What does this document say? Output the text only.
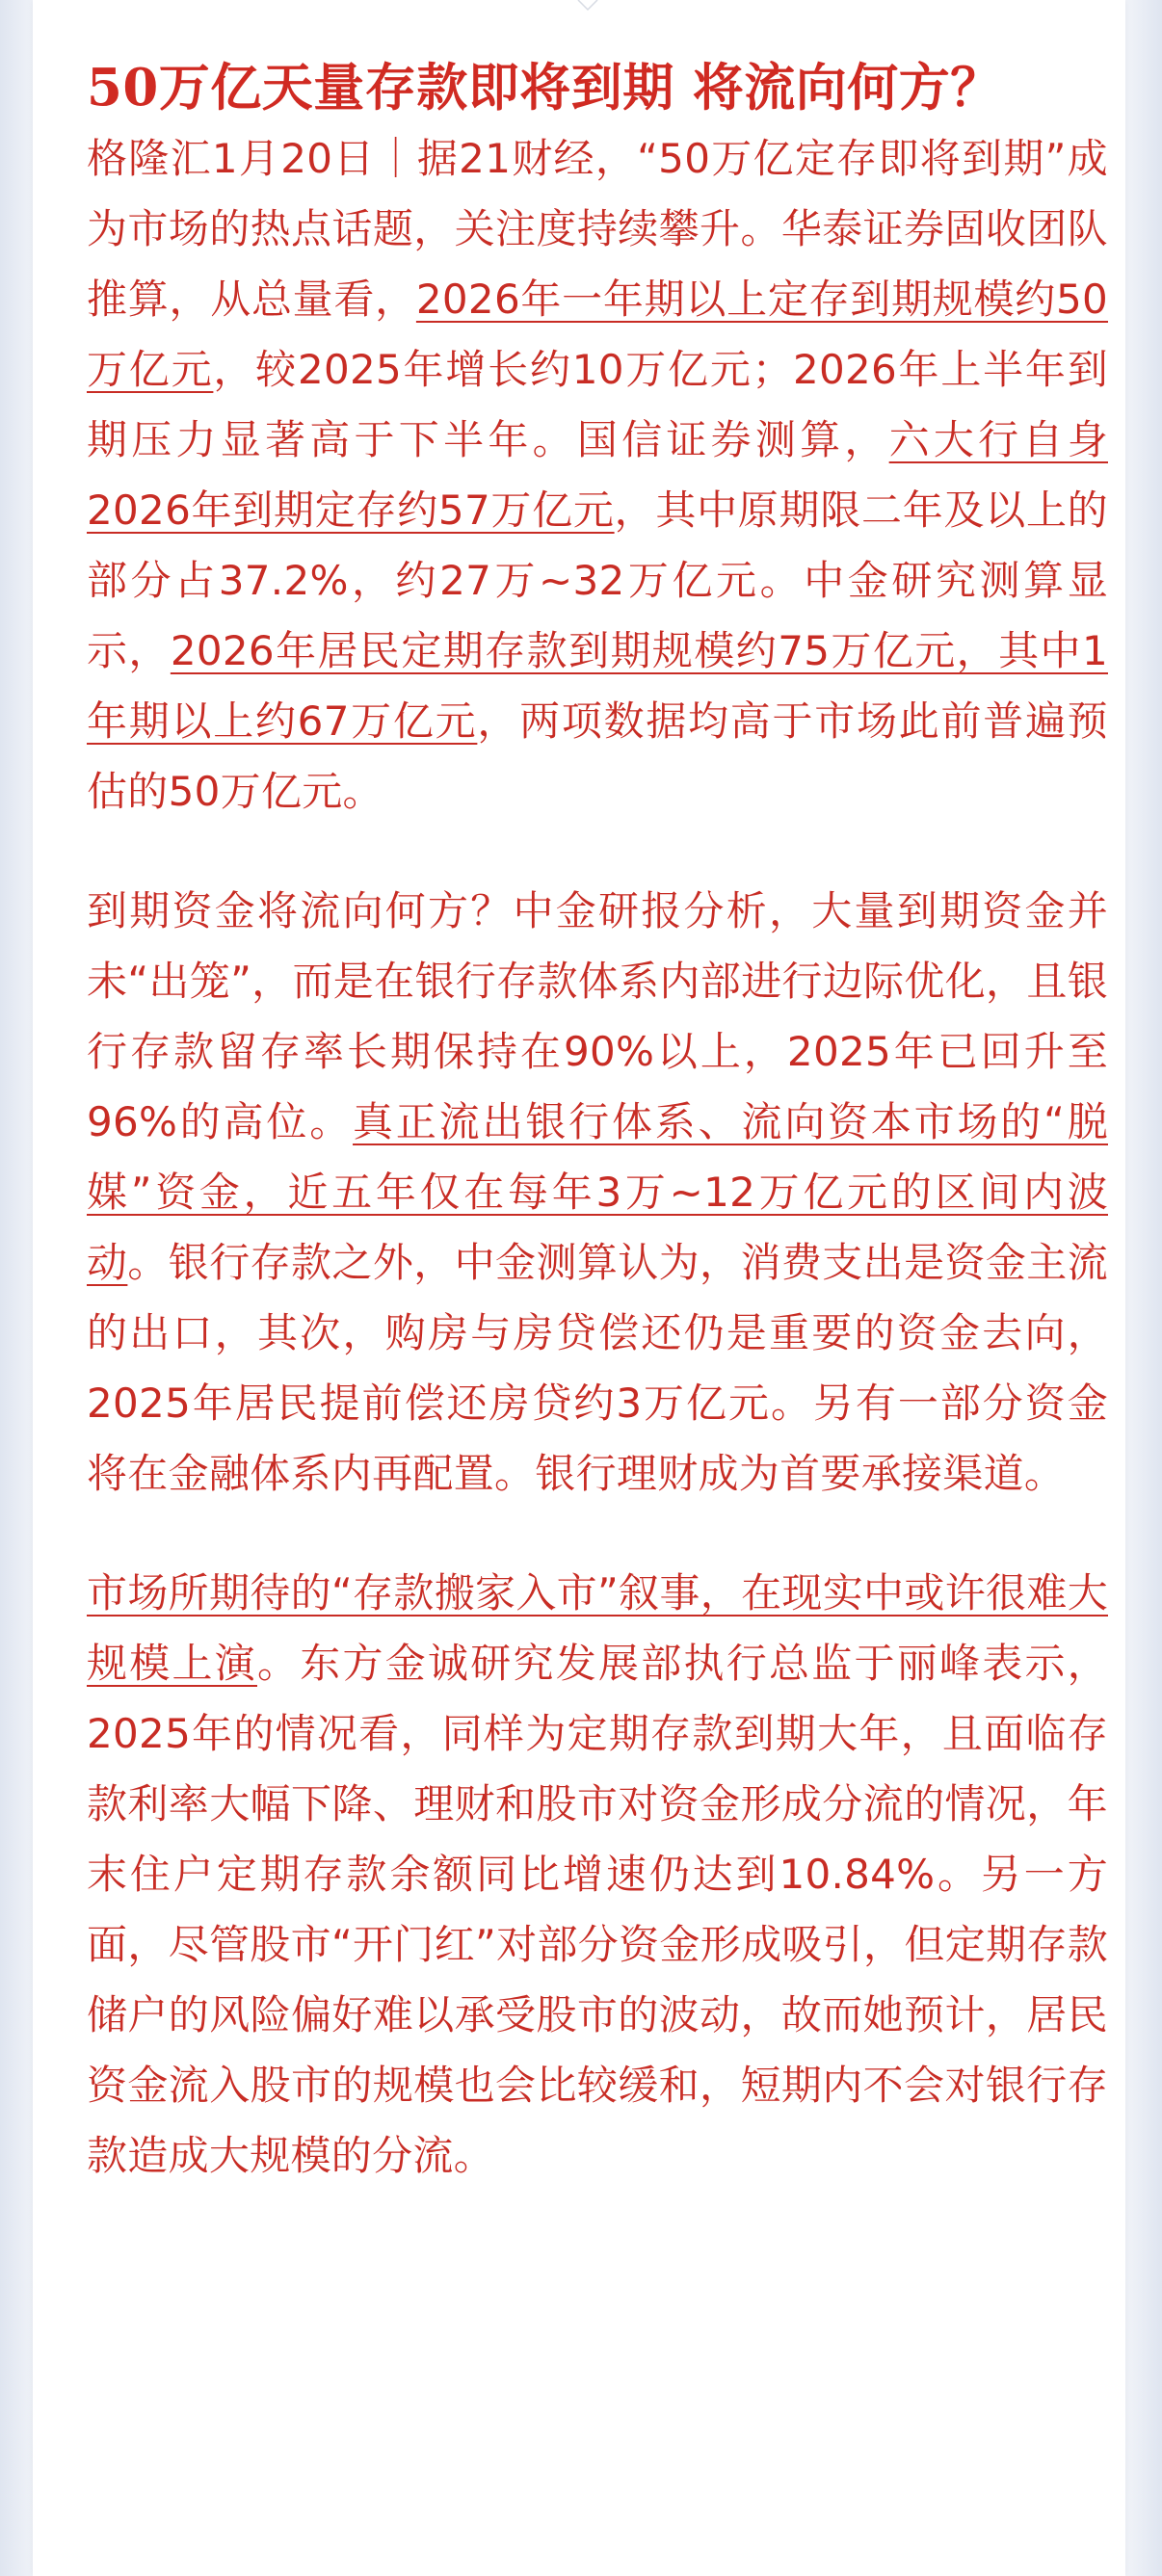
50万亿天量存款即将到期 将流向何方？

格隆汇1月20日｜据21财经，“50万亿定存即将到期”成为市场的热点话题，关注度持续攀升。华泰证券固收团队推算，从总量看，2026年一年期以上定存到期规模约50万亿元，较2025年增长约10万亿元；2026年上半年到期压力显著高于下半年。国信证券测算，六大行自身2026年到期定存约57万亿元，其中原期限二年及以上的部分占37.2%，约27万~32万亿元。中金研究测算显示，2026年居民定期存款到期规模约75万亿元，其中1年期以上约67万亿元，两项数据均高于市场此前普遍预估的50万亿元。

到期资金将流向何方？中金研报分析，大量到期资金并未“出笼”，而是在银行存款体系内部进行边际优化，且银行存款留存率长期保持在90%以上，2025年已回升至96%的高位。真正流出银行体系、流向资本市场的“脱媒”资金，近五年仅在每年3万~12万亿元的区间内波动。银行存款之外，中金测算认为，消费支出是资金主流的出口，其次，购房与房贷偿还仍是重要的资金去向，2025年居民提前偿还房贷约3万亿元。另有一部分资金将在金融体系内再配置。银行理财成为首要承接渠道。

市场所期待的“存款搬家入市”叙事，在现实中或许很难大规模上演。东方金诚研究发展部执行总监于丽峰表示，2025年的情况看，同样为定期存款到期大年，且面临存款利率大幅下降、理财和股市对资金形成分流的情况，年末住户定期存款余额同比增速仍达到10.84%。另一方面，尽管股市“开门红”对部分资金形成吸引，但定期存款储户的风险偏好难以承受股市的波动，故而她预计，居民资金流入股市的规模也会比较缓和，短期内不会对银行存款造成大规模的分流。
